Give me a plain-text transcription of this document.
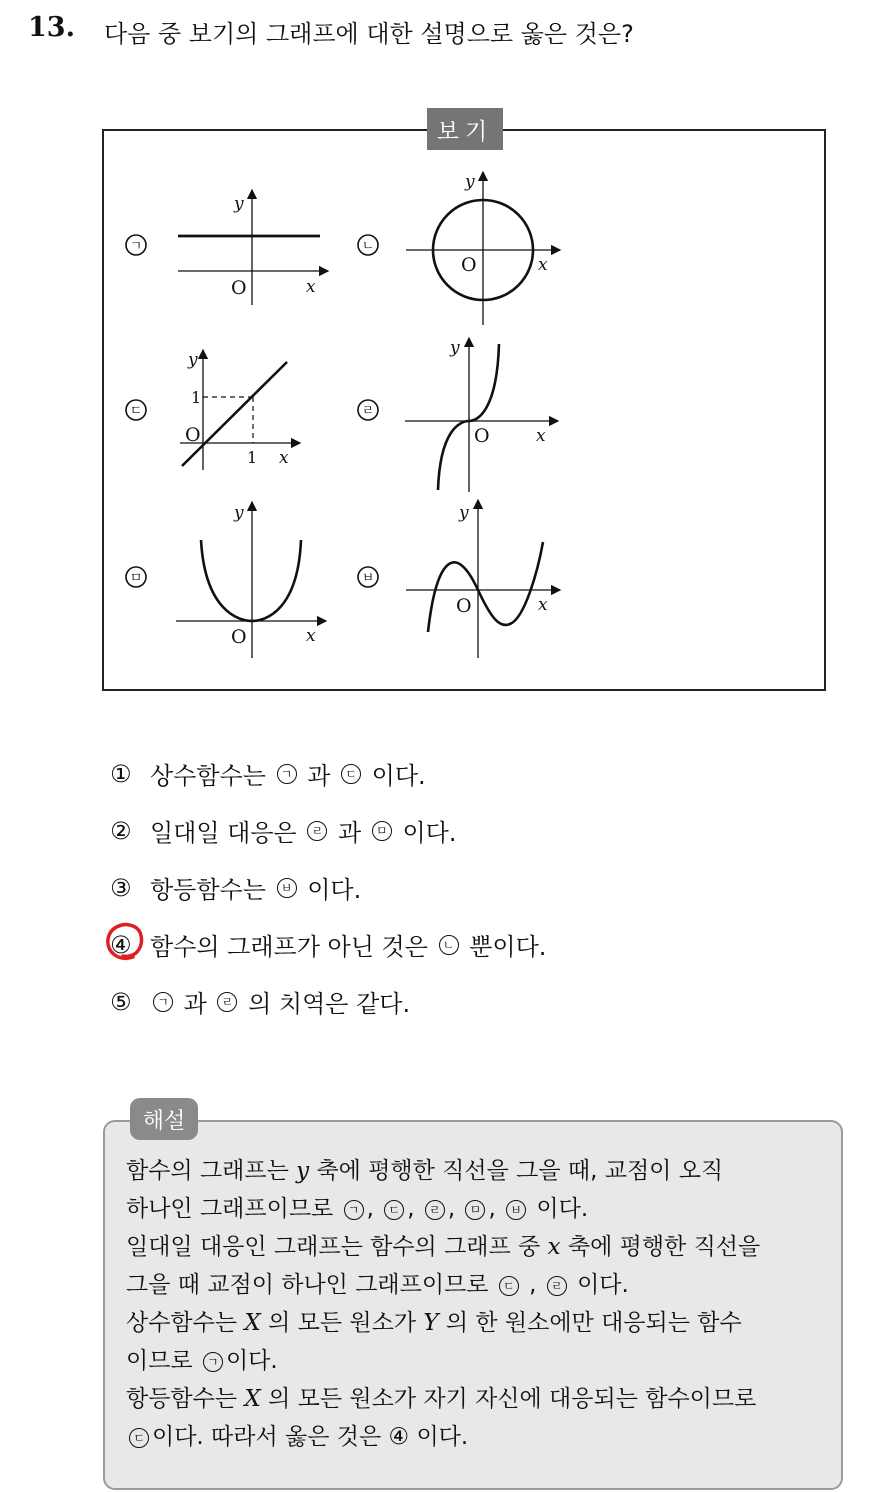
13. 다음 중 보기의 그래프에 대한 설명으로 옳은 것은?
보기
ㄱ
y
x
O
ㄴ
y
x
O
ㄷ
y
x
O
1
1
ㄹ
y
x
O
ㅁ
y
x
O
ㅂ
y
x
O
① 상수함수는
	ㄱ
과
	ㄷ
이다.
② 일대일 대응은
	ㄹ
과
	ㅁ
이다.
③ 항등함수는
	ㅂ
이다.
④ 함수의 그래프가 아닌 것은
	ㄴ
뿐이다.
⑤	ㄱ
과
	ㄹ
의 치역은 같다.
해설
함수의 그래프는 y 축에 평행한 직선을 그을 때, 교점이 오직
하나인 그래프이므로 ㄱ , ㄷ , ㄹ , ㅁ , ㅂ 이다.
일대일 대응인 그래프는 함수의 그래프 중 x 축에 평행한 직선을
그을 때 교점이 하나인 그래프이므로 ㄷ , ㄹ 이다.
상수함수는 X 의 모든 원소가 Y 의 한 원소에만 대응되는 함수
이므로 ㄱ 이다.
항등함수는 X 의 모든 원소가 자기 자신에 대응되는 함수이므로
ㄷ 이다. 따라서 옳은 것은 ④ 이다.
